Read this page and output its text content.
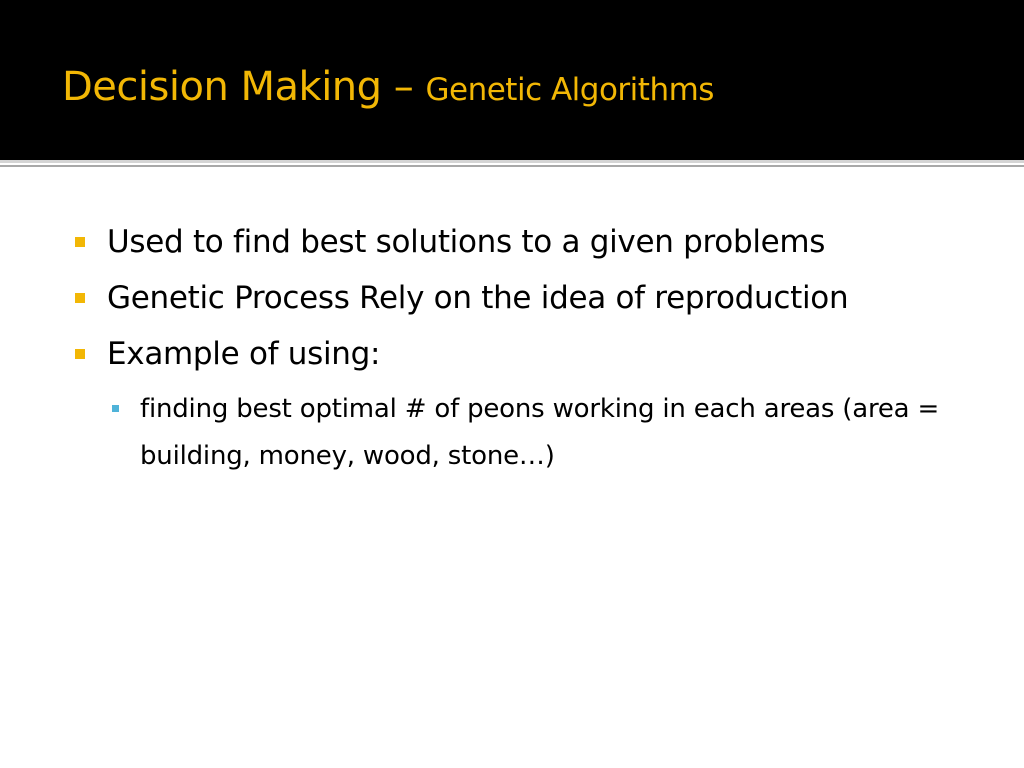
Decision Making – Genetic Algorithms
Used to find best solutions to a given problems
Genetic Process Rely on the idea of reproduction
Example of using:
finding best optimal # of peons working in each areas (area = building, money, wood, stone…)
